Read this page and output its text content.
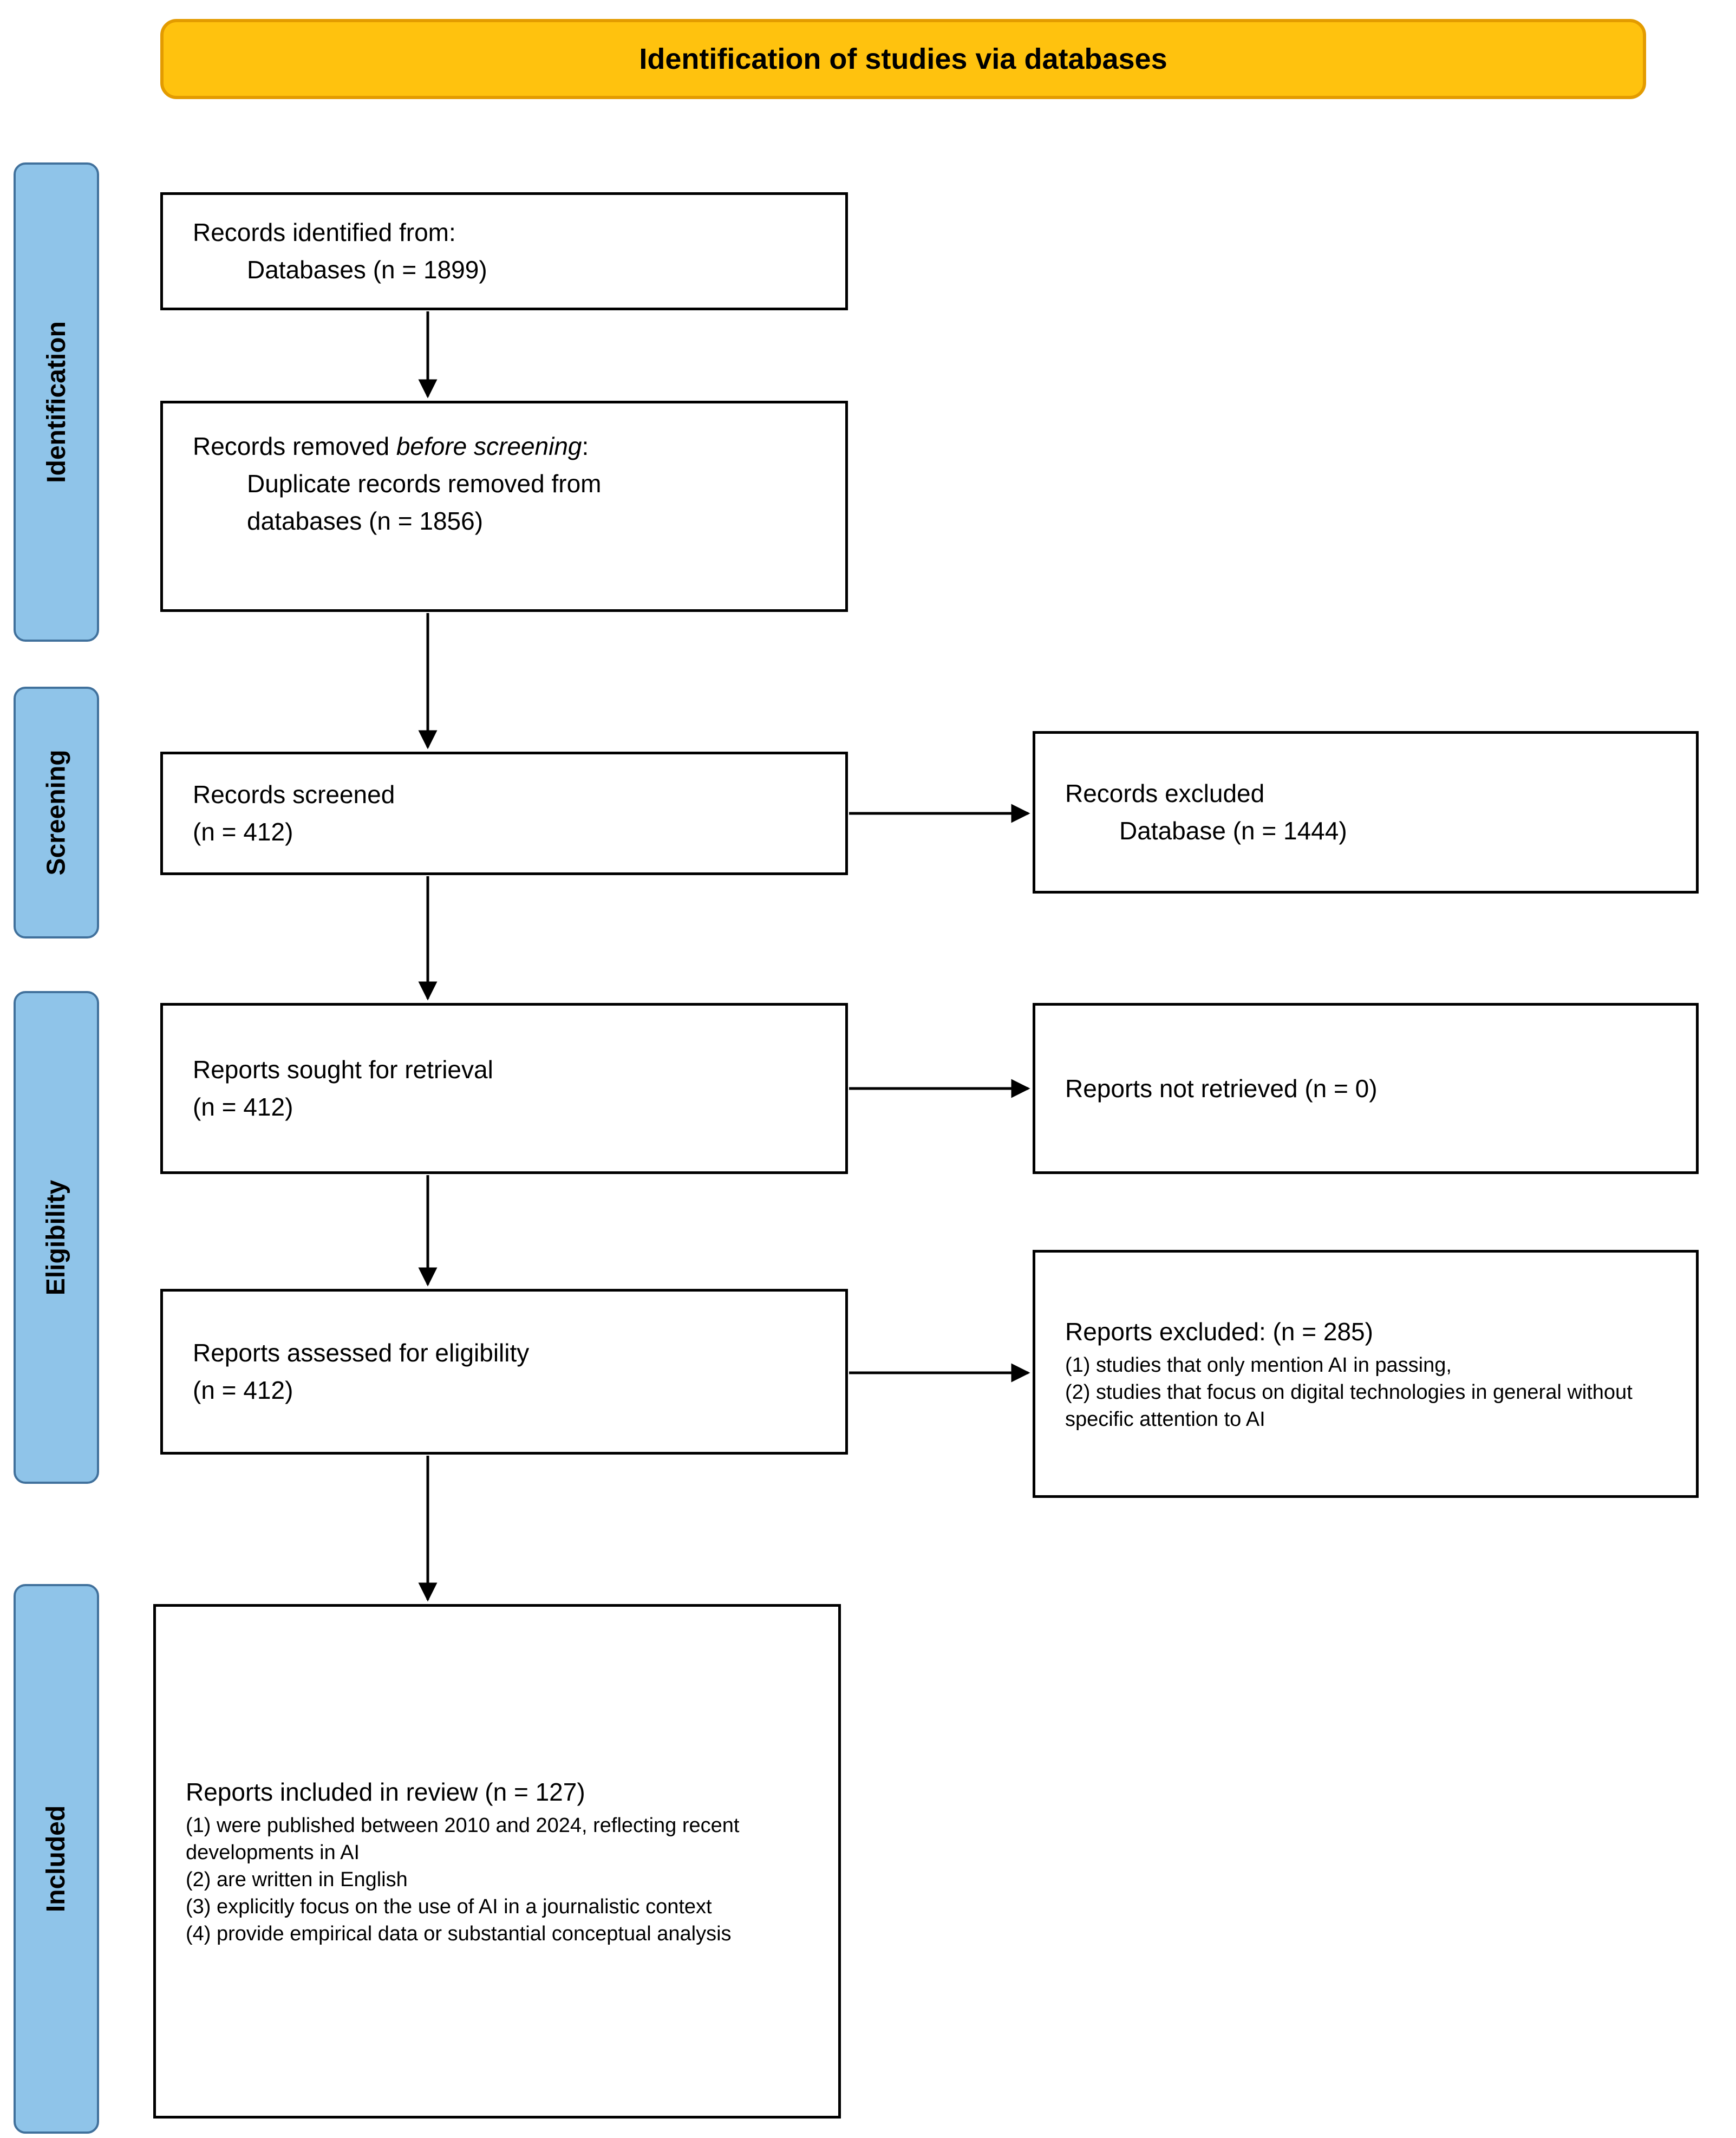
Identification of studies via databases
Identification
Screening
Eligibility
Included
Records identified from:
Databases (n = 1899)
Records removed before screening:
Duplicate records removed from
databases (n = 1856)
Records screened
(n = 412)
Reports sought for retrieval
(n = 412)
Reports assessed for eligibility
(n = 412)
Reports included in review (n = 127)
(1) were published between 2010 and 2024, reflecting recent developments in AI
(2) are written in English
(3) explicitly focus on the use of AI in a journalistic context
(4) provide empirical data or substantial conceptual analysis
Records excluded
Database (n = 1444)
Reports not retrieved (n = 0)
Reports excluded: (n = 285)
(1) studies that only mention AI in passing,
(2) studies that focus on digital technologies in general without specific attention to AI
